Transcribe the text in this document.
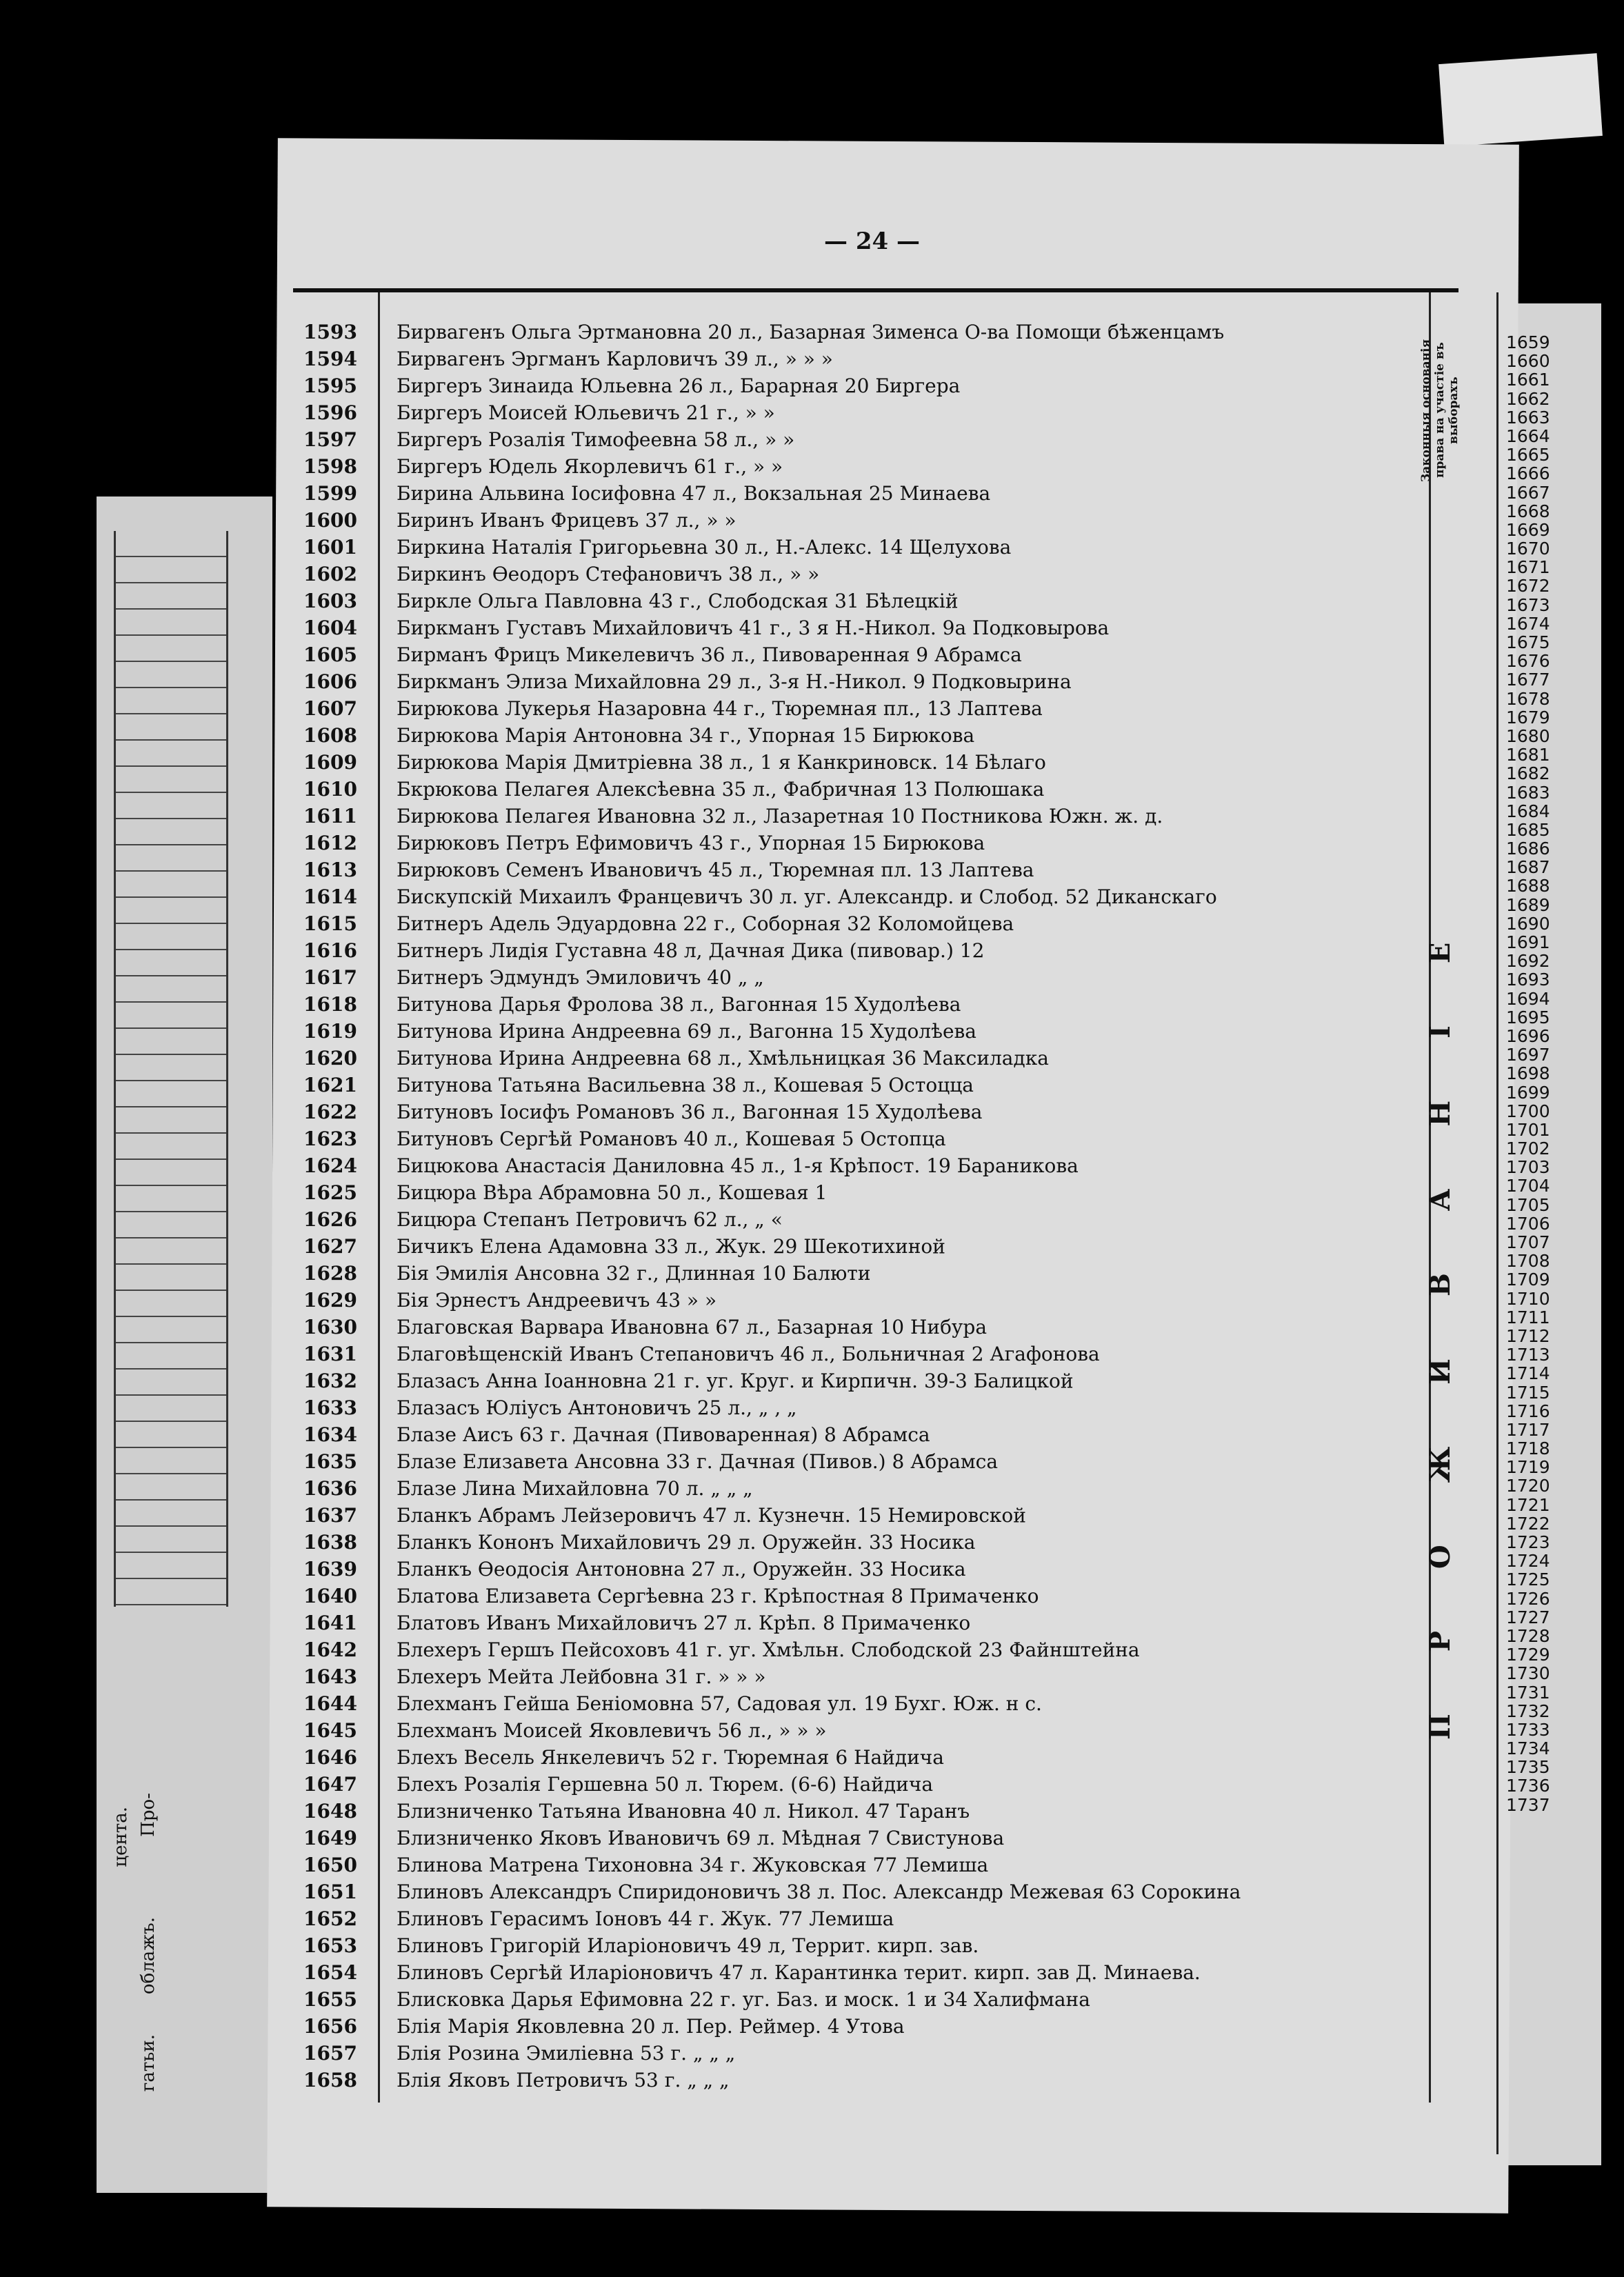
цента. Про-
облажъ.
гатьи.
— 24 —
Законныя основанія права на участіе въ выборахъ
ПРОЖИВАНІЕ
1593	Бирвагенъ Ольга Эртмановна 20 л., Базарная Зименса О-ва Помощи бѣженцамъ
1594	Бирвагенъ Эргманъ Карловичъ 39 л., » » »
1595	Биргеръ Зинаида Юльевна 26 л., Барарная 20 Биргера
1596	Биргеръ Моисей Юльевичъ 21 г., » »
1597	Биргеръ Розалія Тимофеевна 58 л., » »
1598	Биргеръ Юдель Якорлевичъ 61 г., » »
1599	Бирина Альвина Іосифовна 47 л., Вокзальная 25 Минаева
1600	Биринъ Иванъ Фрицевъ 37 л., » »
1601	Биркина Наталія Григорьевна 30 л., Н.-Алекс. 14 Щелухова
1602	Биркинъ Ѳеодоръ Стефановичъ 38 л., » »
1603	Биркле Ольга Павловна 43 г., Слободская 31 Бѣлецкій
1604	Биркманъ Густавъ Михайловичъ 41 г., 3 я Н.-Никол. 9а Подковырова
1605	Бирманъ Фрицъ Микелевичъ 36 л., Пивоваренная 9 Абрамса
1606	Биркманъ Элиза Михайловна 29 л., 3-я Н.-Никол. 9 Подковырина
1607	Бирюкова Лукерья Назаровна 44 г., Тюремная пл., 13 Лаптева
1608	Бирюкова Марія Антоновна 34 г., Упорная 15 Бирюкова
1609	Бирюкова Марія Дмитріевна 38 л., 1 я Канкриновск. 14 Бѣлаго
1610	Бкрюкова Пелагея Алексѣевна 35 л., Фабричная 13 Полюшака
1611	Бирюкова Пелагея Ивановна 32 л., Лазаретная 10 Постникова Южн. ж. д.
1612	Бирюковъ Петръ Ефимовичъ 43 г., Упорная 15 Бирюкова
1613	Бирюковъ Семенъ Ивановичъ 45 л., Тюремная пл. 13 Лаптева
1614	Бискупскій Михаилъ Францевичъ 30 л. уг. Александр. и Слобод. 52 Диканскаго
1615	Битнеръ Адель Эдуардовна 22 г., Соборная 32 Коломойцева
1616	Битнеръ Лидія Густавна 48 л, Дачная Дика (пивовар.) 12
1617	Битнеръ Эдмундъ Эмиловичъ 40 „ „
1618	Битунова Дарья Фролова 38 л., Вагонная 15 Худолѣева
1619	Битунова Ирина Андреевна 69 л., Вагонна 15 Худолѣева
1620	Битунова Ирина Андреевна 68 л., Хмѣльницкая 36 Максиладка
1621	Битунова Татьяна Васильевна 38 л., Кошевая 5 Остоцца
1622	Битуновъ Іосифъ Романовъ 36 л., Вагонная 15 Худолѣева
1623	Битуновъ Сергѣй Романовъ 40 л., Кошевая 5 Остопца
1624	Бицюкова Анастасія Даниловна 45 л., 1-я Крѣпост. 19 Бараникова
1625	Бицюра Вѣра Абрамовна 50 л., Кошевая 1
1626	Бицюра Степанъ Петровичъ 62 л., „ «
1627	Бичикъ Елена Адамовна 33 л., Жук. 29 Шекотихиной
1628	Бія Эмилія Ансовна 32 г., Длинная 10 Балюти
1629	Бія Эрнестъ Андреевичъ 43 » »
1630	Благовская Варвара Ивановна 67 л., Базарная 10 Нибура
1631	Благовѣщенскій Иванъ Степановичъ 46 л., Больничная 2 Агафонова
1632	Блазасъ Анна Іоанновна 21 г. уг. Круг. и Кирпичн. 39-3 Балицкой
1633	Блазасъ Юліусъ Антоновичъ 25 л., „ , „
1634	Блазе Аисъ 63 г. Дачная (Пивоваренная) 8 Абрамса
1635	Блазе Елизавета Ансовна 33 г. Дачная (Пивов.) 8 Абрамса
1636	Блазе Лина Михайловна 70 л. „ „ „
1637	Бланкъ Абрамъ Лейзеровичъ 47 л. Кузнечн. 15 Немировской
1638	Бланкъ Кононъ Михайловичъ 29 л. Оружейн. 33 Носика
1639	Бланкъ Ѳеодосія Антоновна 27 л., Оружейн. 33 Носика
1640	Блатова Елизавета Сергѣевна 23 г. Крѣпостная 8 Примаченко
1641	Блатовъ Иванъ Михайловичъ 27 л. Крѣп. 8 Примаченко
1642	Блехеръ Гершъ Пейсоховъ 41 г. уг. Хмѣльн. Слободской 23 Файнштейна
1643	Блехеръ Мейта Лейбовна 31 г. » » »
1644	Блехманъ Гейша Беніомовна 57, Садовая ул. 19 Бухг. Юж. н с.
1645	Блехманъ Моисей Яковлевичъ 56 л., » » »
1646	Блехъ Весель Янкелевичъ 52 г. Тюремная 6 Найдича
1647	Блехъ Розалія Гершевна 50 л. Тюрем. (6-6) Найдича
1648	Близниченко Татьяна Ивановна 40 л. Никол. 47 Таранъ
1649	Близниченко Яковъ Ивановичъ 69 л. Мѣдная 7 Свистунова
1650	Блинова Матрена Тихоновна 34 г. Жуковская 77 Лемиша
1651	Блиновъ Александръ Спиридоновичъ 38 л. Пос. Александр Межевая 63 Сорокина
1652	Блиновъ Герасимъ Іоновъ 44 г. Жук. 77 Лемиша
1653	Блиновъ Григорій Иларіоновичъ 49 л, Террит. кирп. зав.
1654	Блиновъ Сергѣй Иларіоновичъ 47 л. Карантинка терит. кирп. зав Д. Минаева.
1655	Блисковка Дарья Ефимовна 22 г. уг. Баз. и моск. 1 и 34 Халифмана
1656	Блія Марія Яковлевна 20 л. Пер. Реймер. 4 Утова
1657	Блія Розина Эмиліевна 53 г. „ „ „
1658	Блія Яковъ Петровичъ 53 г. „ „ „
1659
1660
1661
1662
1663
1664
1665
1666
1667
1668
1669
1670
1671
1672
1673
1674
1675
1676
1677
1678
1679
1680
1681
1682
1683
1684
1685
1686
1687
1688
1689
1690
1691
1692
1693
1694
1695
1696
1697
1698
1699
1700
1701
1702
1703
1704
1705
1706
1707
1708
1709
1710
1711
1712
1713
1714
1715
1716
1717
1718
1719
1720
1721
1722
1723
1724
1725
1726
1727
1728
1729
1730
1731
1732
1733
1734
1735
1736
1737
